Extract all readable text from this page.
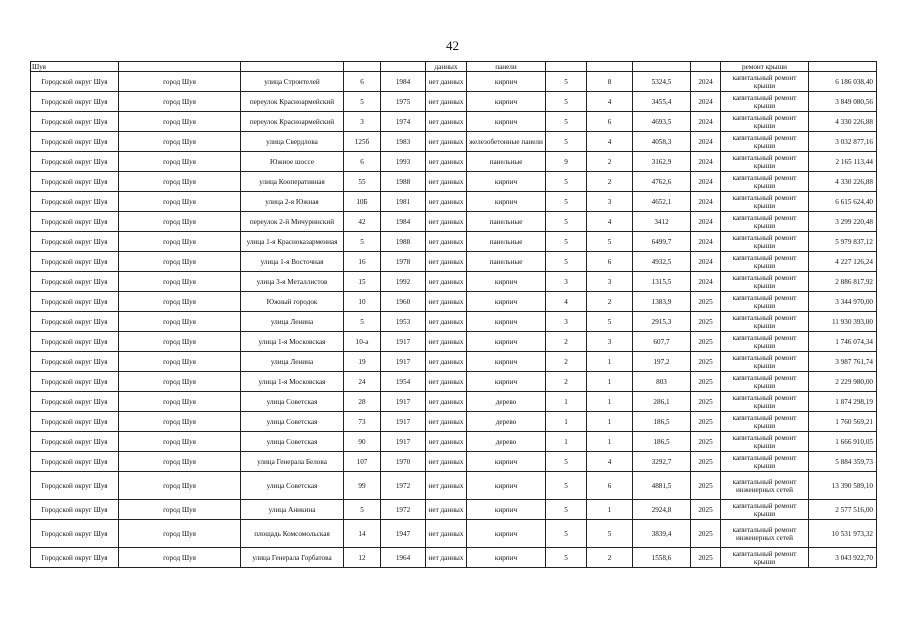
42
Шуя					данных	панели					ремонт крыши	
Городской округ Шуя	город Шуя	улица Строителей	6	1984	нет данных	кирпич	5	8	5324,5	2024	капитальный ремонт крыши	6 186 038,40
Городской округ Шуя	город Шуя	переулок Красноармейский	5	1975	нет данных	кирпич	5	4	3455,4	2024	капитальный ремонт крыши	3 849 080,56
Городской округ Шуя	город Шуя	переулок Красноармейский	3	1974	нет данных	кирпич	5	6	4693,5	2024	капитальный ремонт крыши	4 330 226,88
Городской округ Шуя	город Шуя	улица Свердлова	125б	1983	нет данных	железобетонные панели	5	4	4058,3	2024	капитальный ремонт крыши	3 032 877,16
Городской округ Шуя	город Шуя	Южное шоссе	6	1993	нет данных	панельные	9	2	3162,9	2024	капитальный ремонт крыши	2 165 113,44
Городской округ Шуя	город Шуя	улица Кооперативная	55	1988	нет данных	кирпич	5	2	4762,6	2024	капитальный ремонт крыши	4 330 226,88
Городской округ Шуя	город Шуя	улица 2-я Южная	10Б	1981	нет данных	кирпич	5	3	4652,1	2024	капитальный ремонт крыши	6 615 624,40
Городской округ Шуя	город Шуя	переулок 2-й Мичуринский	42	1984	нет данных	панельные	5	4	3412	2024	капитальный ремонт крыши	3 299 220,48
Городской округ Шуя	город Шуя	улица 1-я Красноказарменная	5	1988	нет данных	панельные	5	5	6499,7	2024	капитальный ремонт крыши	5 979 837,12
Городской округ Шуя	город Шуя	улица 1-я Восточная	16	1978	нет данных	панельные	5	6	4932,5	2024	капитальный ремонт крыши	4 227 126,24
Городской округ Шуя	город Шуя	улица 3-я Металлистов	15	1992	нет данных	кирпич	3	3	1315,5	2024	капитальный ремонт крыши	2 886 817,92
Городской округ Шуя	город Шуя	Южный городок	10	1960	нет данных	кирпич	4	2	1383,9	2025	капитальный ремонт крыши	3 344 970,00
Городской округ Шуя	город Шуя	улица Ленина	5	1953	нет данных	кирпич	3	5	2915,3	2025	капитальный ремонт крыши	11 930 393,00
Городской округ Шуя	город Шуя	улица 1-я Московская	10-а	1917	нет данных	кирпич	2	3	607,7	2025	капитальный ремонт крыши	1 746 074,34
Городской округ Шуя	город Шуя	улица Ленина	19	1917	нет данных	кирпич	2	1	197,2	2025	капитальный ремонт крыши	3 987 761,74
Городской округ Шуя	город Шуя	улица 1-я Московская	24	1954	нет данных	кирпич	2	1	803	2025	капитальный ремонт крыши	2 229 980,00
Городской округ Шуя	город Шуя	улица Советская	28	1917	нет данных	дерево	1	1	286,1	2025	капитальный ремонт крыши	1 874 298,19
Городской округ Шуя	город Шуя	улица Советская	73	1917	нет данных	дерево	1	1	186,5	2025	капитальный ремонт крыши	1 760 569,21
Городской округ Шуя	город Шуя	улица Советская	90	1917	нет данных	дерево	1	1	186,5	2025	капитальный ремонт крыши	1 666 910,05
Городской округ Шуя	город Шуя	улица Генерала Белова	107	1970	нет данных	кирпич	5	4	3292,7	2025	капитальный ремонт крыши	5 884 359,73
Городской округ Шуя	город Шуя	улица Советская	99	1972	нет данных	кирпич	5	6	4881,5	2025	капитальный ремонт инженерных сетей	13 390 589,10
Городской округ Шуя	город Шуя	улица Аникина	5	1972	нет данных	кирпич	5	1	2924,8	2025	капитальный ремонт крыши	2 577 516,00
Городской округ Шуя	город Шуя	площадь Комсомольская	14	1947	нет данных	кирпич	5	5	3839,4	2025	капитальный ремонт инженерных сетей	10 531 973,32
Городской округ Шуя	город Шуя	улица Генерала Горбатова	12	1964	нет данных	кирпич	5	2	1558,6	2025	капитальный ремонт крыши	3 043 922,70
